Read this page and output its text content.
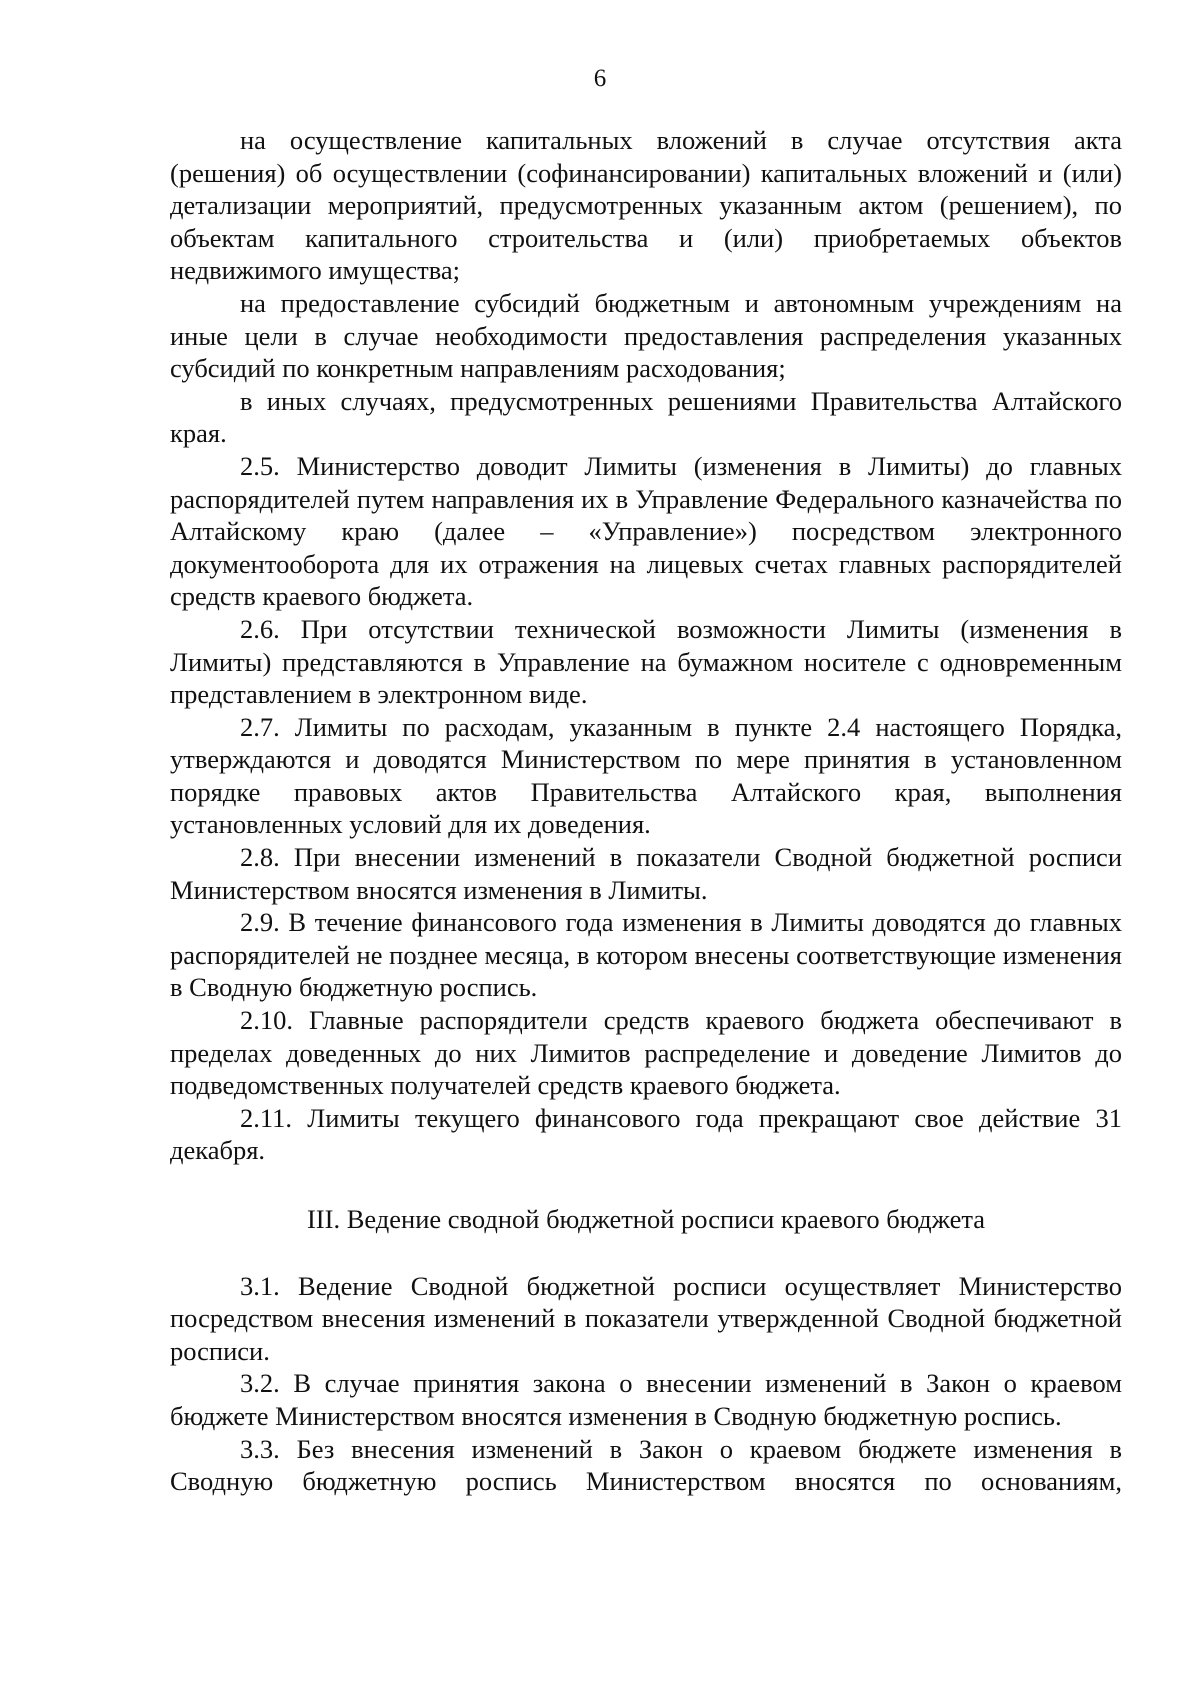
6

на осуществление капитальных вложений в случае отсутствия акта (решения) об осуществлении (софинансировании) капитальных вложений и (или) детализации мероприятий, предусмотренных указанным актом (решением), по объектам капитального строительства и (или) приобретаемых объектов недвижимого имущества;

на предоставление субсидий бюджетным и автономным учреждениям на иные цели в случае необходимости предоставления распределения указанных субсидий по конкретным направлениям расходования;

в иных случаях, предусмотренных решениями Правительства Алтайского края.

2.5. Министерство доводит Лимиты (изменения в Лимиты) до главных распорядителей путем направления их в Управление Федерального казначейства по Алтайскому краю (далее – «Управление») посредством электронного документооборота для их отражения на лицевых счетах главных распорядителей средств краевого бюджета.

2.6. При отсутствии технической возможности Лимиты (изменения в Лимиты) представляются в Управление на бумажном носителе с одновременным представлением в электронном виде.

2.7. Лимиты по расходам, указанным в пункте 2.4 настоящего Порядка, утверждаются и доводятся Министерством по мере принятия в установленном порядке правовых актов Правительства Алтайского края, выполнения установленных условий для их доведения.

2.8. При внесении изменений в показатели Сводной бюджетной росписи Министерством вносятся изменения в Лимиты.

2.9. В течение финансового года изменения в Лимиты доводятся до главных распорядителей не позднее месяца, в котором внесены соответствующие изменения в Сводную бюджетную роспись.

2.10. Главные распорядители средств краевого бюджета обеспечивают в пределах доведенных до них Лимитов распределение и доведение Лимитов до подведомственных получателей средств краевого бюджета.

2.11. Лимиты текущего финансового года прекращают свое действие 31 декабря.

III. Ведение сводной бюджетной росписи краевого бюджета

3.1. Ведение Сводной бюджетной росписи осуществляет Министерство посредством внесения изменений в показатели утвержденной Сводной бюджетной росписи.

3.2. В случае принятия закона о внесении изменений в Закон о краевом бюджете Министерством вносятся изменения в Сводную бюджетную роспись.

3.3. Без внесения изменений в Закон о краевом бюджете изменения в Сводную бюджетную роспись Министерством вносятся по основаниям,
